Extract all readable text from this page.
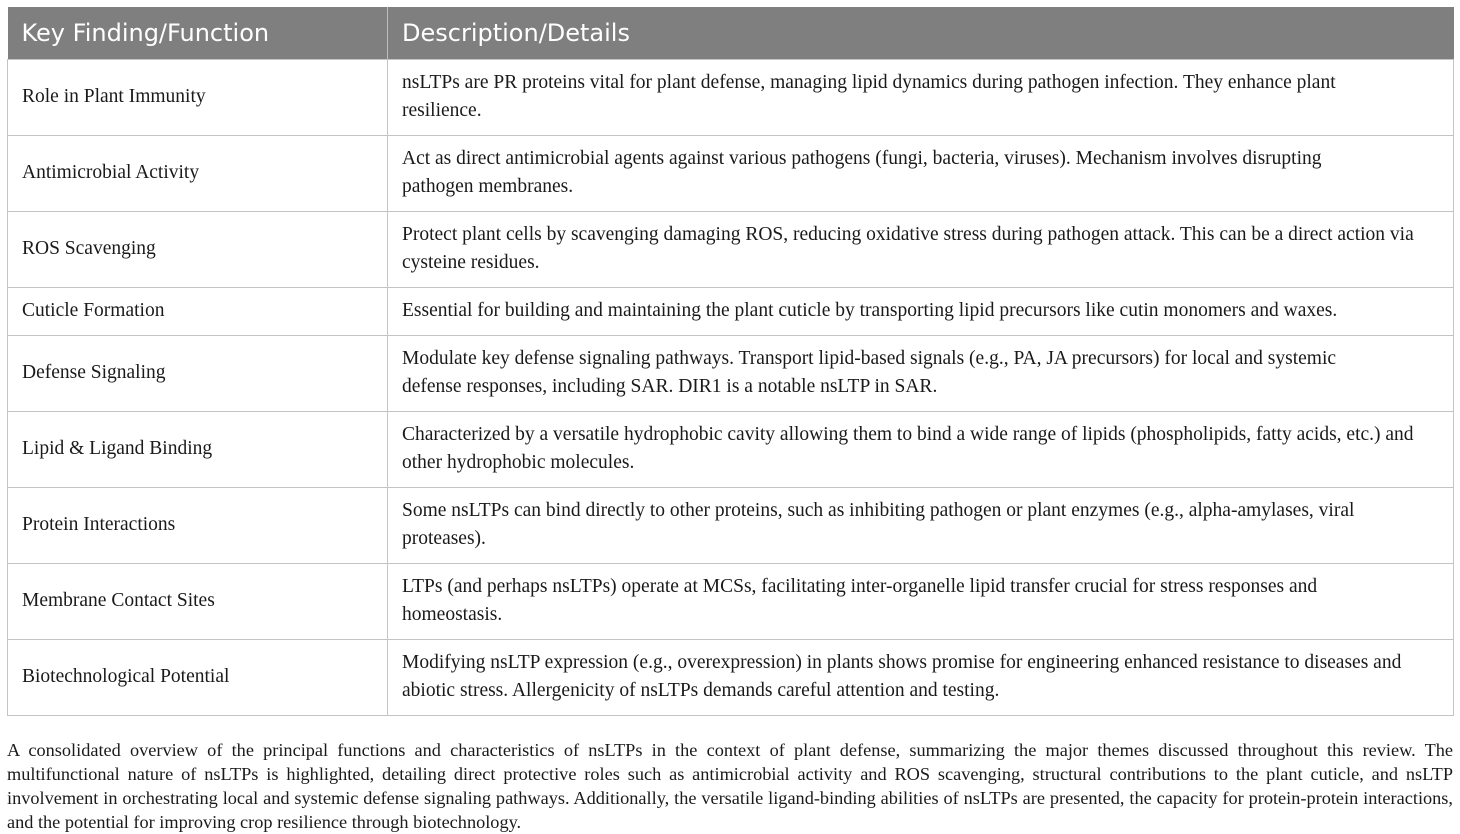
Key Finding/Function	Description/Details
Role in Plant Immunity	nsLTPs are PR proteins vital for plant defense, managing lipid dynamics during pathogen infection. They enhance plant resilience.
Antimicrobial Activity	Act as direct antimicrobial agents against various pathogens (fungi, bacteria, viruses). Mechanism involves disrupting pathogen membranes.
ROS Scavenging	Protect plant cells by scavenging damaging ROS, reducing oxidative stress during pathogen attack. This can be a direct action via cysteine residues.
Cuticle Formation	Essential for building and maintaining the plant cuticle by transporting lipid precursors like cutin monomers and waxes.
Defense Signaling	Modulate key defense signaling pathways. Transport lipid-based signals (e.g., PA, JA precursors) for local and systemic defense responses, including SAR. DIR1 is a notable nsLTP in SAR.
Lipid & Ligand Binding	Characterized by a versatile hydrophobic cavity allowing them to bind a wide range of lipids (phospholipids, fatty acids, etc.) and other hydrophobic molecules.
Protein Interactions	Some nsLTPs can bind directly to other proteins, such as inhibiting pathogen or plant enzymes (e.g., alpha-amylases, viral proteases).
Membrane Contact Sites	LTPs (and perhaps nsLTPs) operate at MCSs, facilitating inter-organelle lipid transfer crucial for stress responses and homeostasis.
Biotechnological Potential	Modifying nsLTP expression (e.g., overexpression) in plants shows promise for engineering enhanced resistance to diseases and abiotic stress. Allergenicity of nsLTPs demands careful attention and testing.

A consolidated overview of the principal functions and characteristics of nsLTPs in the context of plant defense, summarizing the major themes discussed throughout this review. The multifunctional nature of nsLTPs is highlighted, detailing direct protective roles such as antimicrobial activity and ROS scavenging, structural contributions to the plant cuticle, and nsLTP involvement in orchestrating local and systemic defense signaling pathways. Additionally, the versatile ligand-binding abilities of nsLTPs are presented, the capacity for protein-protein interactions, and the potential for improving crop resilience through biotechnology.
